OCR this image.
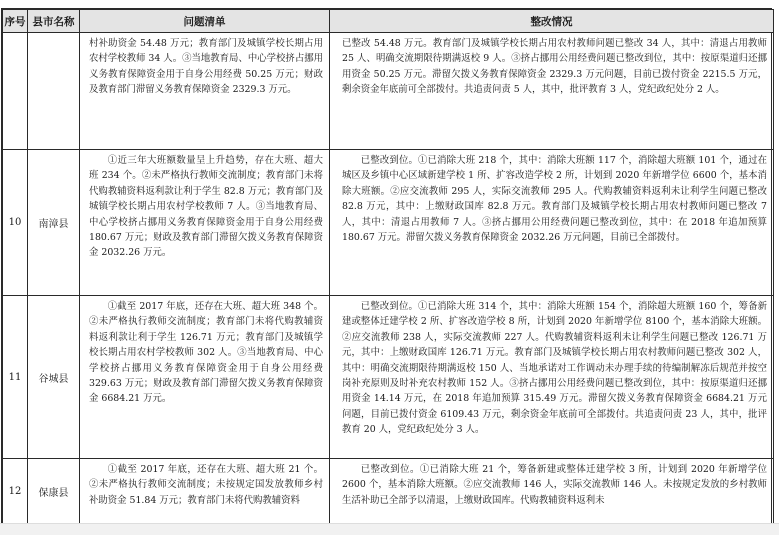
序号	县市名称	问题清单	整改情况

		村补助资金 54.48 万元；教育部门及城镇学校长期占用农村学校教师 34 人。③当地教育局、中心学校挤占挪用义务教育保障资金用于自身公用经费 50.25 万元；财政及教育部门滞留义务教育保障资金 2329.3 万元。	已整改 54.48 万元。教育部门及城镇学校长期占用农村教师问题已整改 34 人，其中：清退占用教师 25 人、明确交流期限待期满返校 9 人。③挤占挪用公用经费问题已整改到位，其中：按原渠道归还挪用资金 50.25 万元。滞留欠拨义务教育保障资金 2329.3 万元问题，目前已拨付资金 2215.5 万元，剩余资金年底前可全部拨付。共追责问责 5 人，其中，批评教育 3 人，党纪政纪处分 2 人。

10	南漳县	①近三年大班额数量呈上升趋势，存在大班、超大班 234 个。②未严格执行教师交流制度；教育部门未将代购教辅资料返利款让利于学生 82.8 万元；教育部门及城镇学校长期占用农村学校教师 7 人。③当地教育局、中心学校挤占挪用义务教育保障资金用于自身公用经费 180.67 万元；财政及教育部门滞留欠拨义务教育保障资金 2032.26 万元。	已整改到位。①已消除大班 218 个，其中：消除大班额 117 个，消除超大班额 101 个，通过在城区及乡镇中心区域新建学校 1 所、扩容改造学校 2 所，计划到 2020 年新增学位 6600 个，基本消除大班额。②应交流教师 295 人，实际交流教师 295 人。代购教辅资料返利未让利学生问题已整改 82.8 万元，其中：上缴财政国库 82.8 万元。教育部门及城镇学校长期占用农村教师问题已整改 7 人，其中：清退占用教师 7 人。③挤占挪用公用经费问题已整改到位，其中：在 2018 年追加预算 180.67 万元。滞留欠拨义务教育保障资金 2032.26 万元问题，目前已全部拨付。

11	谷城县	①截至 2017 年底，还存在大班、超大班 348 个。②未严格执行教师交流制度；教育部门未将代购教辅资料返利款让利于学生 126.71 万元；教育部门及城镇学校长期占用农村学校教师 302 人。③当地教育局、中心学校挤占挪用义务教育保障资金用于自身公用经费 329.63 万元；财政及教育部门滞留欠拨义务教育保障资金 6684.21 万元。	已整改到位。①已消除大班 314 个，其中：消除大班额 154 个，消除超大班额 160 个，筹备新建或整体迁建学校 2 所、扩容改造学校 8 所，计划到 2020 年新增学位 8100 个，基本消除大班额。②应交流教师 238 人，实际交流教师 227 人。代购教辅资料返利未让利学生问题已整改 126.71 万元，其中：上缴财政国库 126.71 万元。教育部门及城镇学校长期占用农村教师问题已整改 302 人，其中：明确交流期限待期满返校 150 人、当地承诺对工作调动未办理手续的待编制解冻后规范并按空岗补充原则及时补充农村教师 152 人。③挤占挪用公用经费问题已整改到位，其中：按原渠道归还挪用资金 14.14 万元，在 2018 年追加预算 315.49 万元。滞留欠拨义务教育保障资金 6684.21 万元问题，目前已拨付资金 6109.43 万元，剩余资金年底前可全部拨付。共追责问责 23 人，其中，批评教育 20 人，党纪政纪处分 3 人。

12	保康县	①截至 2017 年底，还存在大班、超大班 21 个。②未严格执行教师交流制度；未按规定国发放教师乡村补助资金 51.84 万元；教育部门未将代购教辅资料	已整改到位。①已消除大班 21 个，筹备新建或整体迁建学校 3 所，计划到 2020 年新增学位 2600 个，基本消除大班额。②应交流教师 146 人，实际交流教师 146 人。未按规定发放的乡村教师生活补助已全部予以清退，上缴财政国库。代购教辅资料返利未
